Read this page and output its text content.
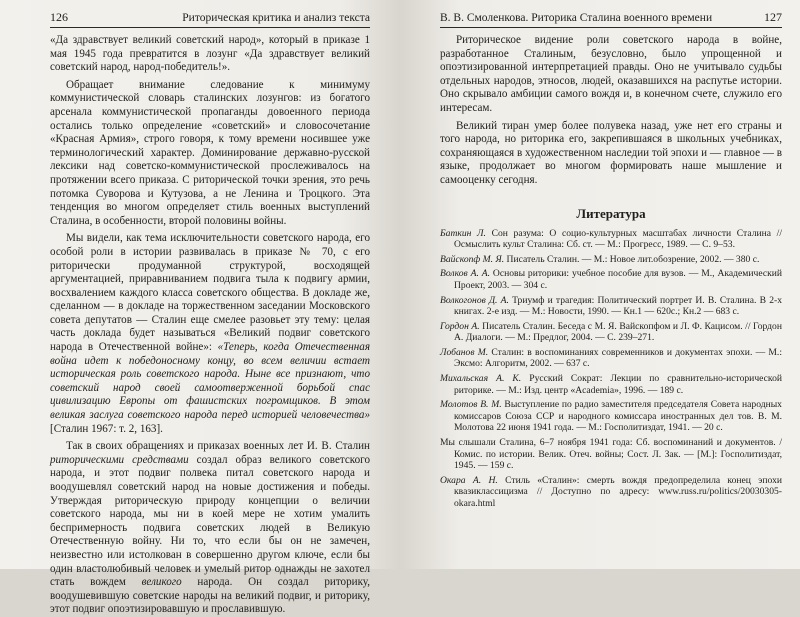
126	Риторическая критика и анализ текста

«Да здравствует великий советский народ», который в приказе 1 мая 1945 года превратится в лозунг «Да здравствует великий советский народ, народ-победитель!».

Обращает внимание следование к минимуму коммунистической словарь сталинских лозунгов: из богатого арсенала коммунистической пропаганды довоенного периода остались только определение «советский» и словосочетание «Красная Армия», строго говоря, к тому времени носившее уже терминологический характер. Доминирование державно-русской лексики над советско-коммунистической прослеживалось на протяжении всего приказа. С риторической точки зрения, это речь потомка Суворова и Кутузова, а не Ленина и Троцкого. Эта тенденция во многом определяет стиль военных выступлений Сталина, в особенности, второй половины войны.

Мы видели, как тема исключительности советского народа, его особой роли в истории развивалась в приказе № 70, с его риторически продуманной структурой, восходящей аргументацией, приравниванием подвига тыла к подвигу армии, восхвалением каждого класса советского общества. В докладе же, сделанном — в докладе на торжественном заседании Московского совета депутатов — Сталин еще смелее разовьет эту тему: целая часть доклада будет называться «Великий подвиг советского народа в Отечественной войне»: «Теперь, когда Отечественная война идет к победоносному концу, во всем величии встает историческая роль советского народа. Ныне все признают, что советский народ своей самоотверженной борьбой спас цивилизацию Европы от фашистских погромщиков. В этом великая заслуга советского народа перед историей человечества» [Сталин 1967: т. 2, 163].

Так в своих обращениях и приказах военных лет И. В. Сталин риторическими средствами создал образ великого советского народа, и этот подвиг полвека питал советского народа и воодушевлял советский народ на новые достижения и победы. Утверждая риторическую природу концепции о величии советского народа, мы ни в коей мере не хотим умалить беспримерность подвига советских людей в Великую Отечественную войну. Ни то, что если бы он не замечен, неизвестно или истолкован в совершенно другом ключе, если бы один властолюбивый человек и умелый ритор однажды не захотел стать вождем великого народа. Он создал риторику, воодушевившую советские народы на великий подвиг, и риторику, этот подвиг опоэтизировавшую и прославившую.

В. В. Смоленкова. Риторика Сталина военного времени	127

Риторическое видение роли советского народа в войне, разработанное Сталиным, безусловно, было упрощенной и опоэтизированной интерпретацией правды. Оно не учитывало судьбы отдельных народов, этносов, людей, оказавшихся на распутье истории. Оно скрывало амбиции самого вождя и, в конечном счете, служило его интересам.

Великий тиран умер более полувека назад, уже нет его страны и того народа, но риторика его, закрепившаяся в школьных учебниках, сохраняющаяся в художественном наследии той эпохи и — главное — в языке, продолжает во многом формировать наше мышление и самооценку сегодня.

Литература

Баткин Л. Сон разума: О социо-культурных масштабах личности Сталина // Осмыслить культ Сталина: Сб. ст. — М.: Прогресс, 1989. — С. 9–53.

Вайскопф М. Я. Писатель Сталин. — М.: Новое лит.обозрение, 2002. — 380 с.

Волков А. А. Основы риторики: учебное пособие для вузов. — М., Академический Проект, 2003. — 304 с.

Волкогонов Д. А. Триумф и трагедия: Политический портрет И. В. Сталина. В 2-х книгах. 2-е изд. — М.: Новости, 1990. — Кн.1 — 620с.; Кн.2 — 683 с.

Гордон А. Писатель Сталин. Беседа с М. Я. Вайскопфом и Л. Ф. Кацисом. // Гордон А. Диалоги. — М.: Предлог, 2004. — С. 239–271.

Лобанов М. Сталин: в воспоминаниях современников и документах эпохи. — М.: Эксмо: Алгоритм, 2002. — 637 с.

Михальская А. К. Русский Сократ: Лекции по сравнительно-исторической риторике. — М.: Изд. центр «Academia», 1996. — 189 с.

Молотов В. М. Выступление по радио заместителя председателя Совета народных комиссаров Союза ССР и народного комиссара иностранных дел тов. В. М. Молотова 22 июня 1941 года. — М.: Госполитиздат, 1941. — 20 с.

Мы слышали Сталина, 6–7 ноября 1941 года: Сб. воспоминаний и документов. / Комис. по истории. Велик. Отеч. войны; Сост. Л. Зак. — [М.]: Госполитиздат, 1945. — 159 с.

Окара А. Н. Стиль «Сталин»: смерть вождя предопределила конец эпохи квазиклассицизма // Доступно по адресу: www.russ.ru/politics/20030305-okara.html
